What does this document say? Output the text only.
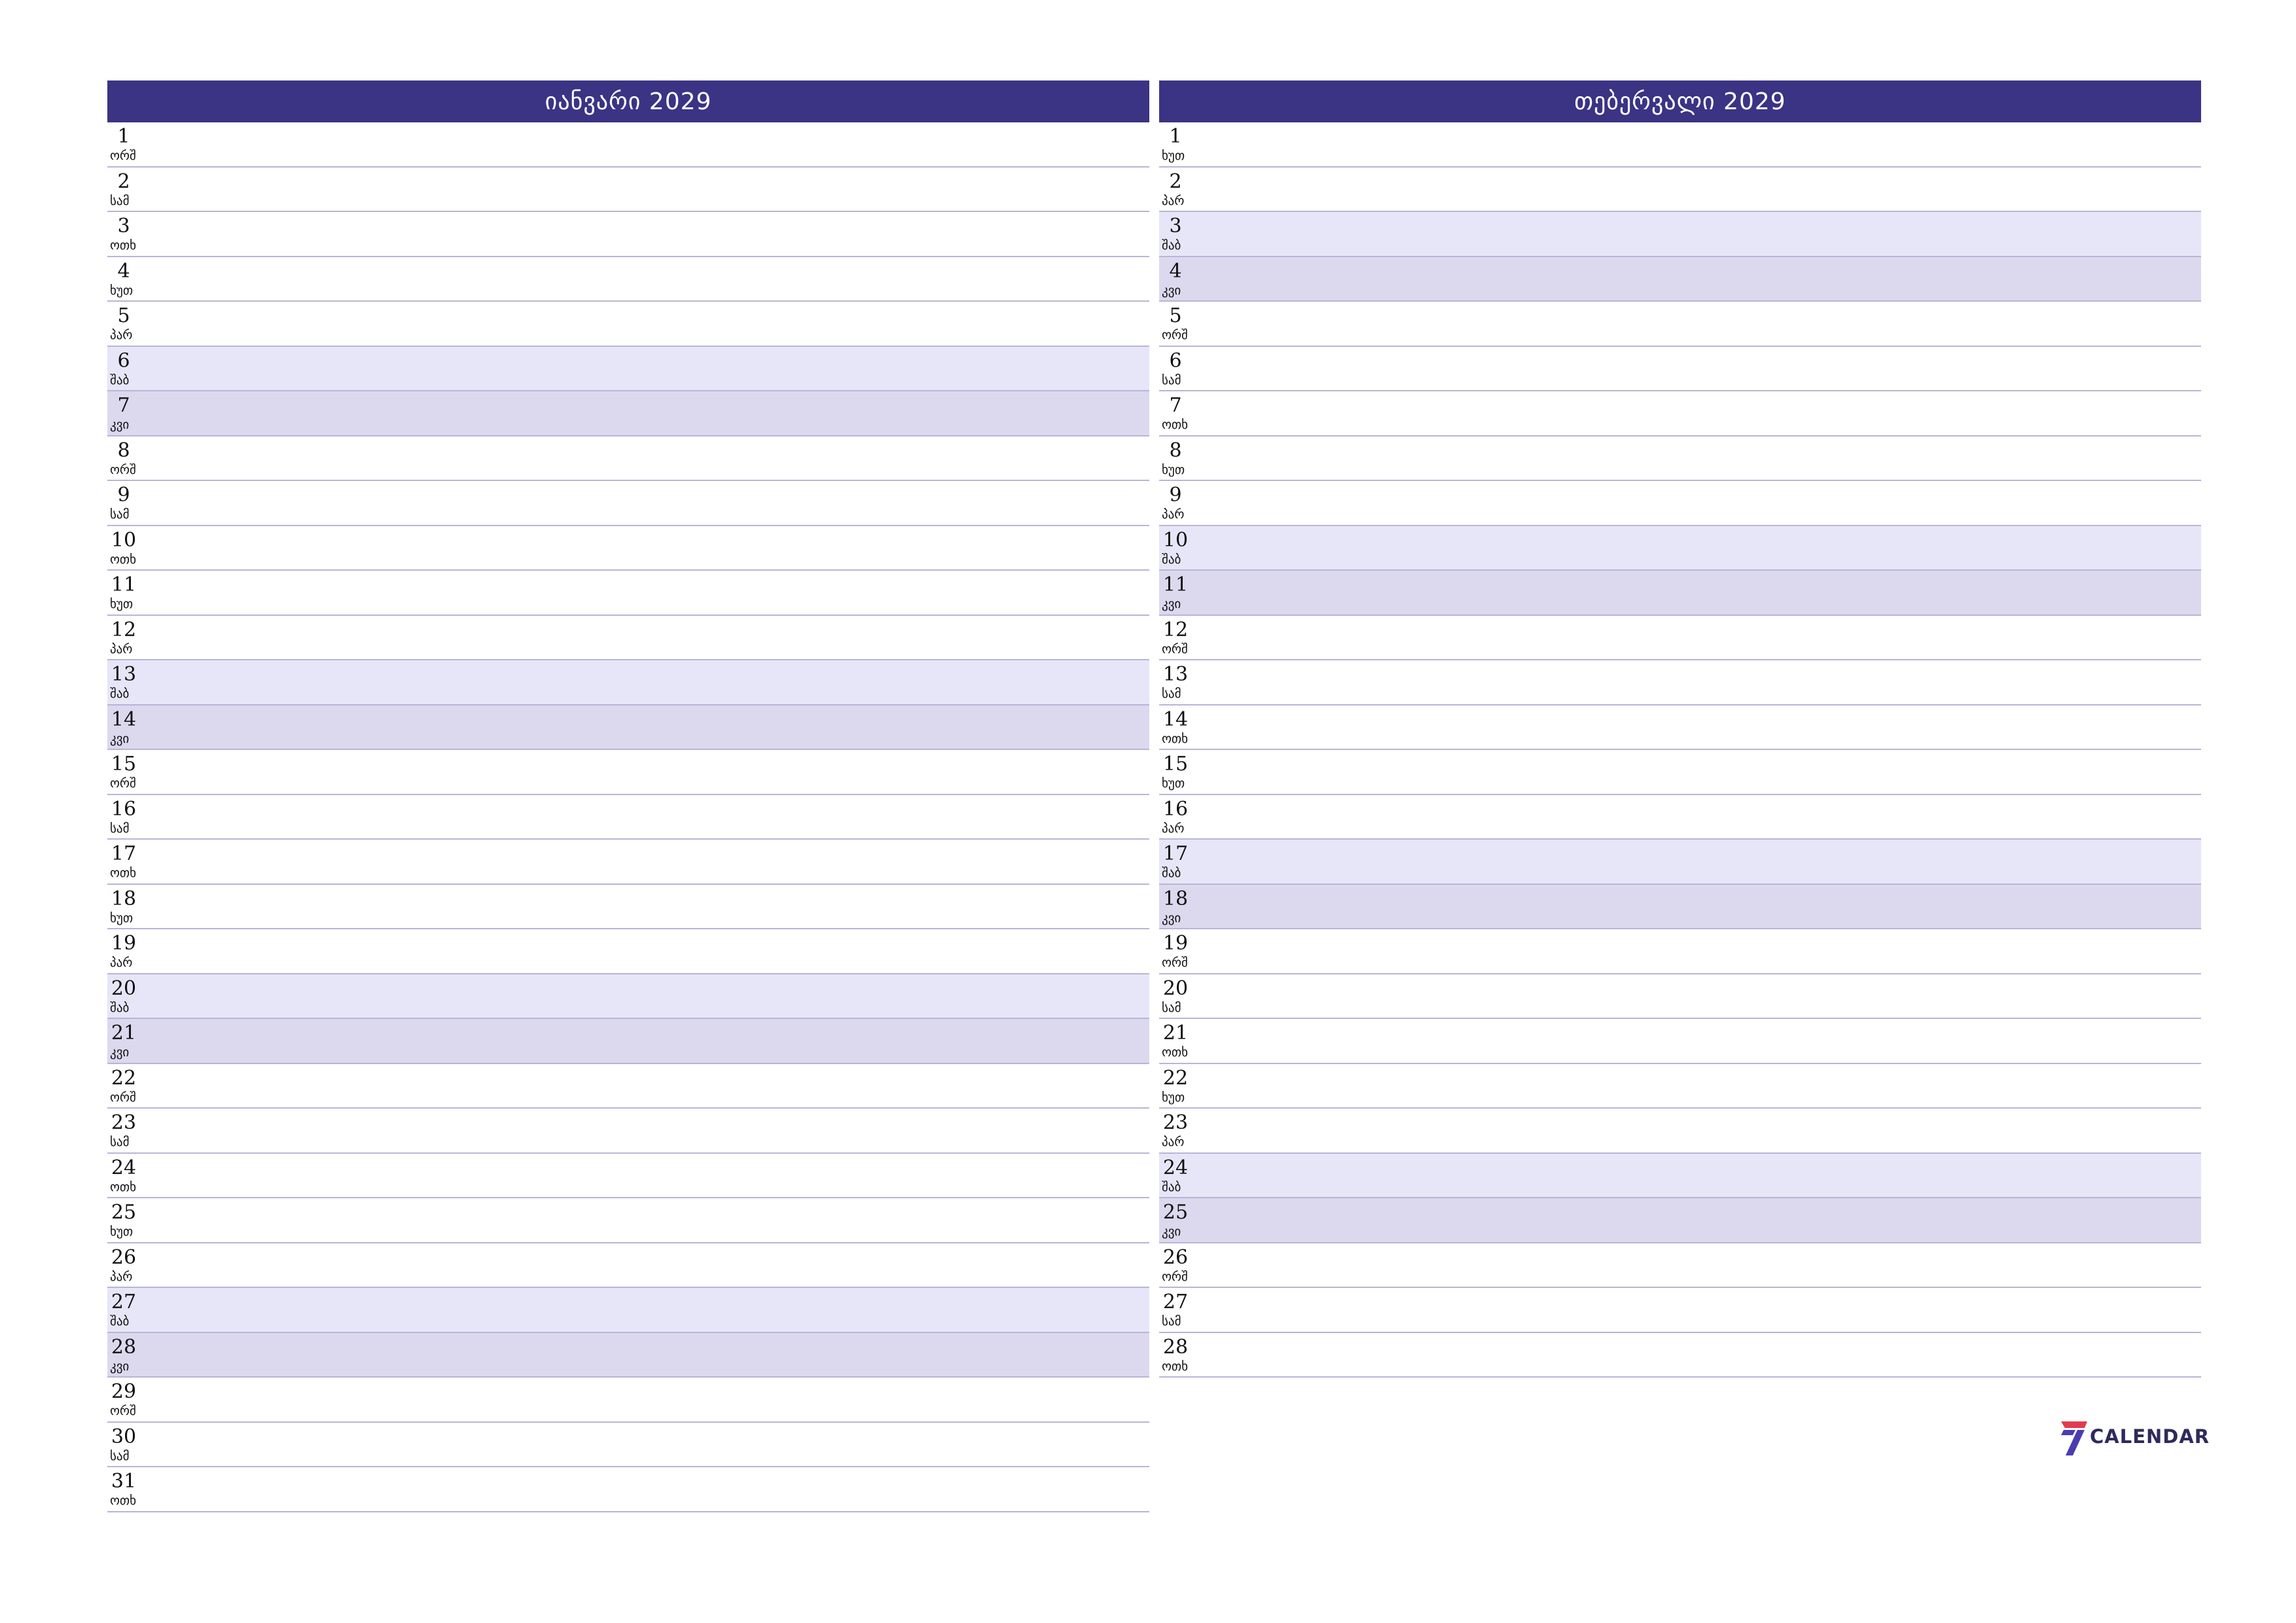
იანვარი 2029
1
ორშ
2
სამ
3
ოთხ
4
ხუთ
5
პარ
6
შაბ
7
კვი
8
ორშ
9
სამ
10
ოთხ
11
ხუთ
12
პარ
13
შაბ
14
კვი
15
ორშ
16
სამ
17
ოთხ
18
ხუთ
19
პარ
20
შაბ
21
კვი
22
ორშ
23
სამ
24
ოთხ
25
ხუთ
26
პარ
27
შაბ
28
კვი
29
ორშ
30
სამ
31
ოთხ
თებერვალი 2029
1
ხუთ
2
პარ
3
შაბ
4
კვი
5
ორშ
6
სამ
7
ოთხ
8
ხუთ
9
პარ
10
შაბ
11
კვი
12
ორშ
13
სამ
14
ოთხ
15
ხუთ
16
პარ
17
შაბ
18
კვი
19
ორშ
20
სამ
21
ოთხ
22
ხუთ
23
პარ
24
შაბ
25
კვი
26
ორშ
27
სამ
28
ოთხ
CALENDAR
